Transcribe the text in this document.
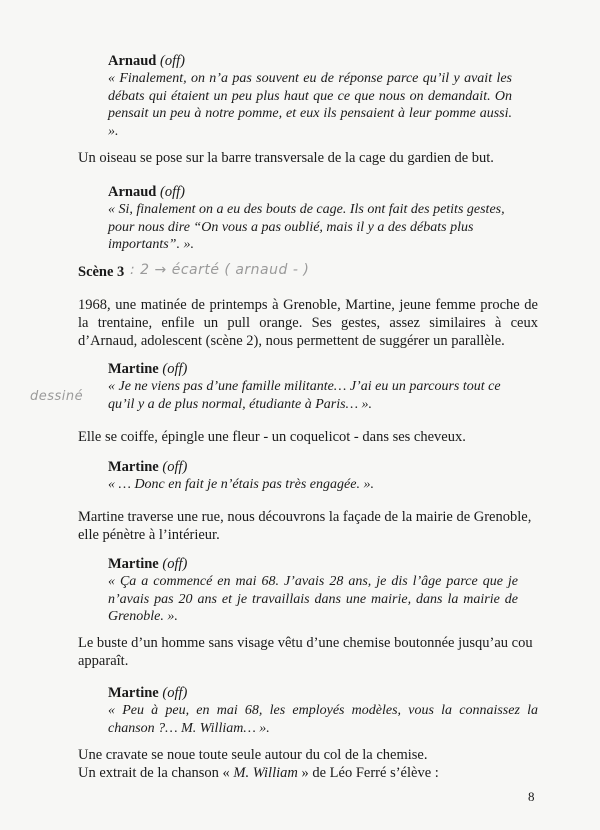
Arnaud (off)
« Finalement, on n’a pas souvent eu de réponse parce qu’il y avait les débats qui étaient un peu plus haut que ce que nous on demandait. On pensait un peu à notre pomme, et eux ils pensaient à leur pomme aussi. ».
Un oiseau se pose sur la barre transversale de la cage du gardien de but.
Arnaud (off)
« Si, finalement on a eu des bouts de cage. Ils ont fait des petits gestes, pour nous dire “On vous a pas oublié, mais il y a des débats plus importants”. ».
Scène 3 : 2 → écarté ( arnaud - )
1968, une matinée de printemps à Grenoble, Martine, jeune femme proche de la trentaine, enfile un pull orange. Ses gestes, assez similaires à ceux d’Arnaud, adolescent (scène 2), nous permettent de suggérer un parallèle.
Martine (off)
« Je ne viens pas d’une famille militante… J’ai eu un parcours tout ce qu’il y a de plus normal, étudiante à Paris… ».
dessiné
Elle se coiffe, épingle une fleur - un coquelicot - dans ses cheveux.
Martine (off)
« … Donc en fait je n’étais pas très engagée. ».
Martine traverse une rue, nous découvrons la façade de la mairie de Grenoble, elle pénètre à l’intérieur.
Martine (off)
« Ça a commencé en mai 68. J’avais 28 ans, je dis l’âge parce que je n’avais pas 20 ans et je travaillais dans une mairie, dans la mairie de Grenoble. ».
Le buste d’un homme sans visage vêtu d’une chemise boutonnée jusqu’au cou apparaît.
Martine (off)
« Peu à peu, en mai 68, les employés modèles, vous la connaissez la chanson ?… M. William… ».
Une cravate se noue toute seule autour du col de la chemise.
Un extrait de la chanson « M. William » de Léo Ferré s’élève :
8
